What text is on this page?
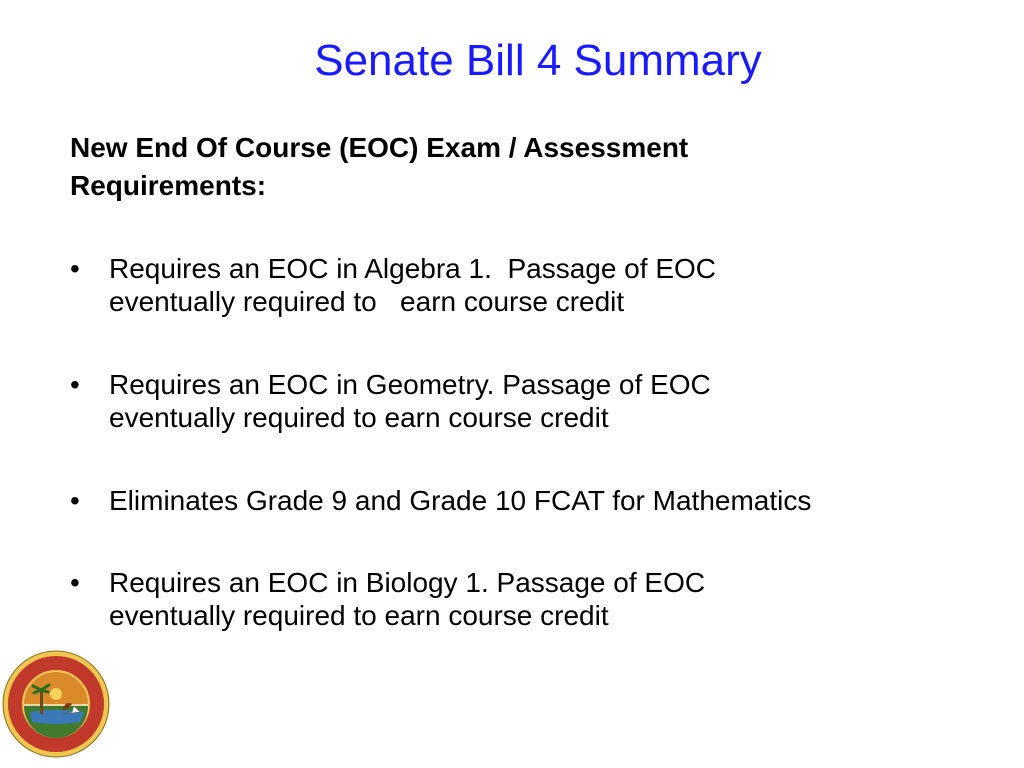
Senate Bill 4 Summary
New End Of Course (EOC) Exam / Assessment
Requirements:
• Requires an EOC in Algebra 1.  Passage of EOC
eventually required to   earn course credit
• Requires an EOC in Geometry. Passage of EOC
eventually required to earn course credit
• Eliminates Grade 9 and Grade 10 FCAT for Mathematics
• Requires an EOC in Biology 1. Passage of EOC
eventually required to earn course credit
